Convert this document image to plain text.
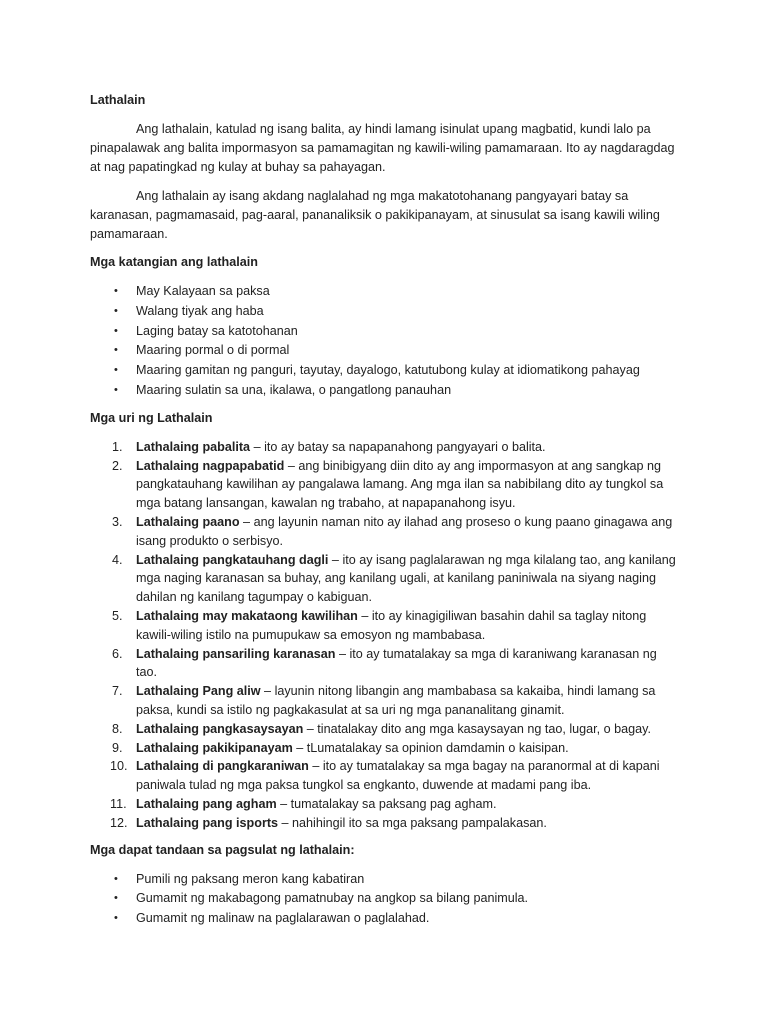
Lathalain

Ang lathalain, katulad ng isang balita, ay hindi lamang isinulat upang magbatid, kundi lalo pa pinapalawak ang balita impormasyon sa pamamagitan ng kawili-wiling pamamaraan. Ito ay nagdaragdag at nag papatingkad ng kulay at buhay sa pahayagan.

Ang lathalain ay isang akdang naglalahad ng mga makatotohanang pangyayari batay sa karanasan, pagmamasaid, pag-aaral, pananaliksik o pakikipanayam, at sinusulat sa isang kawili wiling pamamaraan.

Mga katangian ang lathalain

• May Kalayaan sa paksa
• Walang tiyak ang haba
• Laging batay sa katotohanan
• Maaring pormal o di pormal
• Maaring gamitan ng panguri, tayutay, dayalogo, katutubong kulay at idiomatikong pahayag
• Maaring sulatin sa una, ikalawa, o pangatlong panauhan

Mga uri ng Lathalain

1. Lathalaing pabalita – ito ay batay sa napapanahong pangyayari o balita.
2. Lathalaing nagpapabatid – ang binibigyang diin dito ay ang impormasyon at ang sangkap ng pangkatauhang kawilihan ay pangalawa lamang. Ang mga ilan sa nabibilang dito ay tungkol sa mga batang lansangan, kawalan ng trabaho, at napapanahong isyu.
3. Lathalaing paano – ang layunin naman nito ay ilahad ang proseso o kung paano ginagawa ang isang produkto o serbisyo.
4. Lathalaing pangkatauhang dagli – ito ay isang paglalarawan ng mga kilalang tao, ang kanilang mga naging karanasan sa buhay, ang kanilang ugali, at kanilang paniniwala na siyang naging dahilan ng kanilang tagumpay o kabiguan.
5. Lathalaing may makataong kawilihan – ito ay kinagigiliwan basahin dahil sa taglay nitong kawili-wiling istilo na pumupukaw sa emosyon ng mambabasa.
6. Lathalaing pansariling karanasan – ito ay tumatalakay sa mga di karaniwang karanasan ng tao.
7. Lathalaing Pang aliw – layunin nitong libangin ang mambabasa sa kakaiba, hindi lamang sa paksa, kundi sa istilo ng pagkakasulat at sa uri ng mga pananalitang ginamit.
8. Lathalaing pangkasaysayan – tinatalakay dito ang mga kasaysayan ng tao, lugar, o bagay.
9. Lathalaing pakikipanayam – tLumatalakay sa opinion damdamin o kaisipan.
10. Lathalaing di pangkaraniwan – ito ay tumatalakay sa mga bagay na paranormal at di kapani paniwala tulad ng mga paksa tungkol sa engkanto, duwende at madami pang iba.
11. Lathalaing pang agham – tumatalakay sa paksang pag agham.
12. Lathalaing pang isports – nahihingil ito sa mga paksang pampalakasan.

Mga dapat tandaan sa pagsulat ng lathalain:

• Pumili ng paksang meron kang kabatiran
• Gumamit ng makabagong pamatnubay na angkop sa bilang panimula.
• Gumamit ng malinaw na paglalarawan o paglalahad.
